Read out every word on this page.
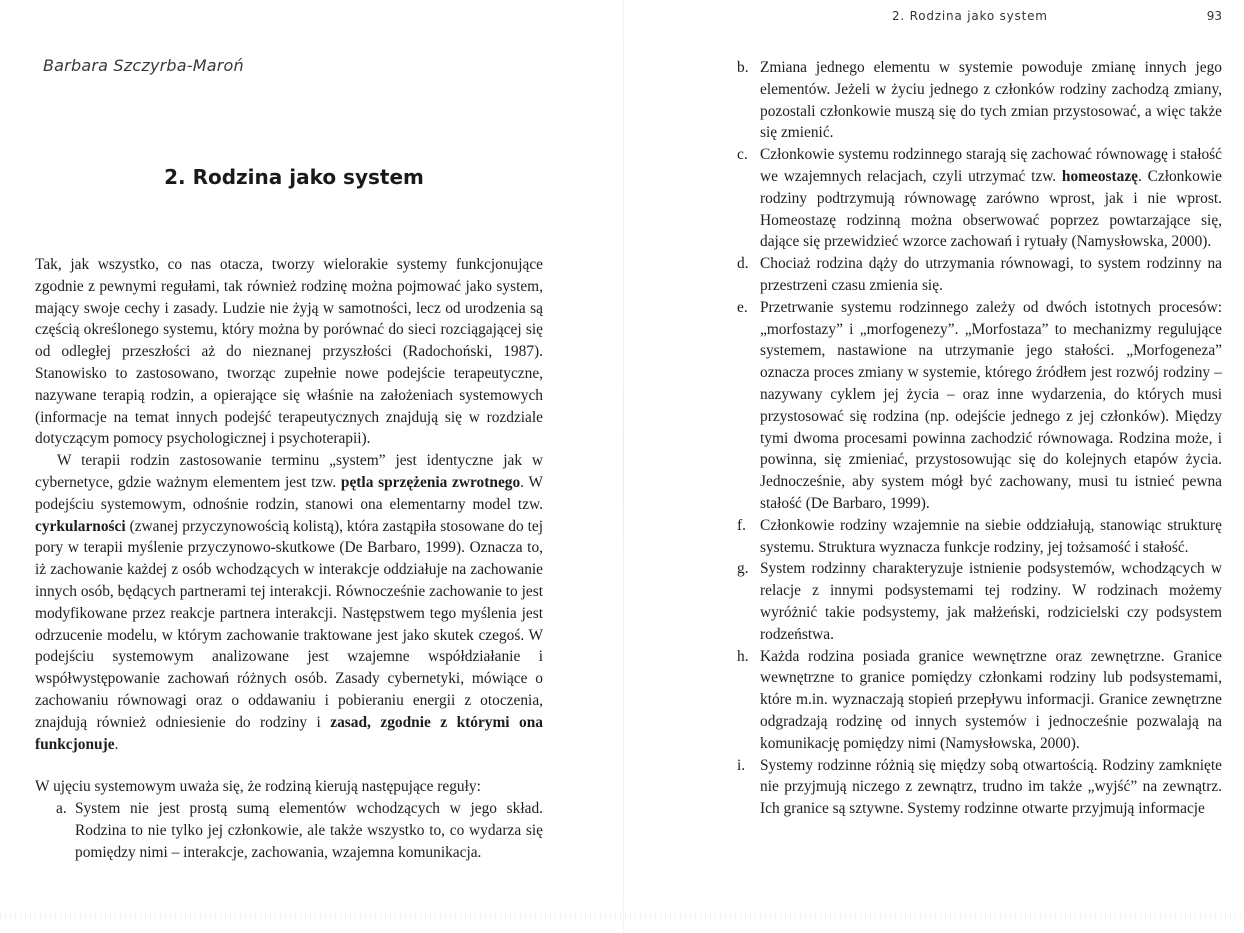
Barbara Szczyrba-Maroń
2. Rodzina jako system

Tak, jak wszystko, co nas otacza, tworzy wielorakie systemy funkcjonujące zgodnie z pewnymi regułami, tak również rodzinę można pojmować jako system, mający swoje cechy i zasady. Ludzie nie żyją w samotności, lecz od urodzenia są częścią określonego systemu, który można by porównać do sieci rozciągającej się od odległej przeszłości aż do nieznanej przyszłości (Radochoński, 1987). Stanowisko to zastosowano, tworząc zupełnie nowe podejście terapeutyczne, nazywane terapią rodzin, a opierające się właśnie na założeniach systemowych (informacje na temat innych podejść terapeutycznych znajdują się w rozdziale dotyczącym pomocy psychologicznej i psychoterapii).

W terapii rodzin zastosowanie terminu „system” jest identyczne jak w cybernetyce, gdzie ważnym elementem jest tzw. pętla sprzężenia zwrotnego. W podejściu systemowym, odnośnie rodzin, stanowi ona elementarny model tzw. cyrkularności (zwanej przyczynowością kolistą), która zastąpiła stosowane do tej pory w terapii myślenie przyczynowo-skutkowe (De Barbaro, 1999). Oznacza to, iż zachowanie każdej z osób wchodzących w interakcje oddziałuje na zachowanie innych osób, będących partnerami tej interakcji. Równocześnie zachowanie to jest modyfikowane przez reakcje partnera interakcji. Następstwem tego myślenia jest odrzucenie modelu, w którym zachowanie traktowane jest jako skutek czegoś. W podejściu systemowym analizowane jest wzajemne współdziałanie i współwystępowanie zachowań różnych osób. Zasady cybernetyki, mówiące o zachowaniu równowagi oraz o oddawaniu i pobieraniu energii z otoczenia, znajdują również odniesienie do rodziny i zasad, zgodnie z którymi ona funkcjonuje.

W ujęciu systemowym uważa się, że rodziną kierują następujące reguły:

a. System nie jest prostą sumą elementów wchodzących w jego skład. Rodzina to nie tylko jej członkowie, ale także wszystko to, co wydarza się pomiędzy nimi – interakcje, zachowania, wzajemna komunikacja.
2. Rodzina jako system	93
b. Zmiana jednego elementu w systemie powoduje zmianę innych jego elementów. Jeżeli w życiu jednego z członków rodziny zachodzą zmiany, pozostali członkowie muszą się do tych zmian przystosować, a więc także się zmienić.
c. Członkowie systemu rodzinnego starają się zachować równowagę i stałość we wzajemnych relacjach, czyli utrzymać tzw. homeostazę. Członkowie rodziny podtrzymują równowagę zarówno wprost, jak i nie wprost. Homeostazę rodzinną można obserwować poprzez powtarzające się, dające się przewidzieć wzorce zachowań i rytuały (Namysłowska, 2000).
d. Chociaż rodzina dąży do utrzymania równowagi, to system rodzinny na przestrzeni czasu zmienia się.
e. Przetrwanie systemu rodzinnego zależy od dwóch istotnych procesów: „morfostazy” i „morfogenezy”. „Morfostaza” to mechanizmy regulujące systemem, nastawione na utrzymanie jego stałości. „Morfogeneza” oznacza proces zmiany w systemie, którego źródłem jest rozwój rodziny – nazywany cyklem jej życia – oraz inne wydarzenia, do których musi przystosować się rodzina (np. odejście jednego z jej członków). Między tymi dwoma procesami powinna zachodzić równowaga. Rodzina może, i powinna, się zmieniać, przystosowując się do kolejnych etapów życia. Jednocześnie, aby system mógł być zachowany, musi tu istnieć pewna stałość (De Barbaro, 1999).
f. Członkowie rodziny wzajemnie na siebie oddziałują, stanowiąc strukturę systemu. Struktura wyznacza funkcje rodziny, jej tożsamość i stałość.
g. System rodzinny charakteryzuje istnienie podsystemów, wchodzących w relacje z innymi podsystemami tej rodziny. W rodzinach możemy wyróżnić takie podsystemy, jak małżeński, rodzicielski czy podsystem rodzeństwa.
h. Każda rodzina posiada granice wewnętrzne oraz zewnętrzne. Granice wewnętrzne to granice pomiędzy członkami rodziny lub podsystemami, które m.in. wyznaczają stopień przepływu informacji. Granice zewnętrzne odgradzają rodzinę od innych systemów i jednocześnie pozwalają na komunikację pomiędzy nimi (Namysłowska, 2000).
i. Systemy rodzinne różnią się między sobą otwartością. Rodziny zamknięte nie przyjmują niczego z zewnątrz, trudno im także „wyjść” na zewnątrz. Ich granice są sztywne. Systemy rodzinne otwarte przyjmują informacje
